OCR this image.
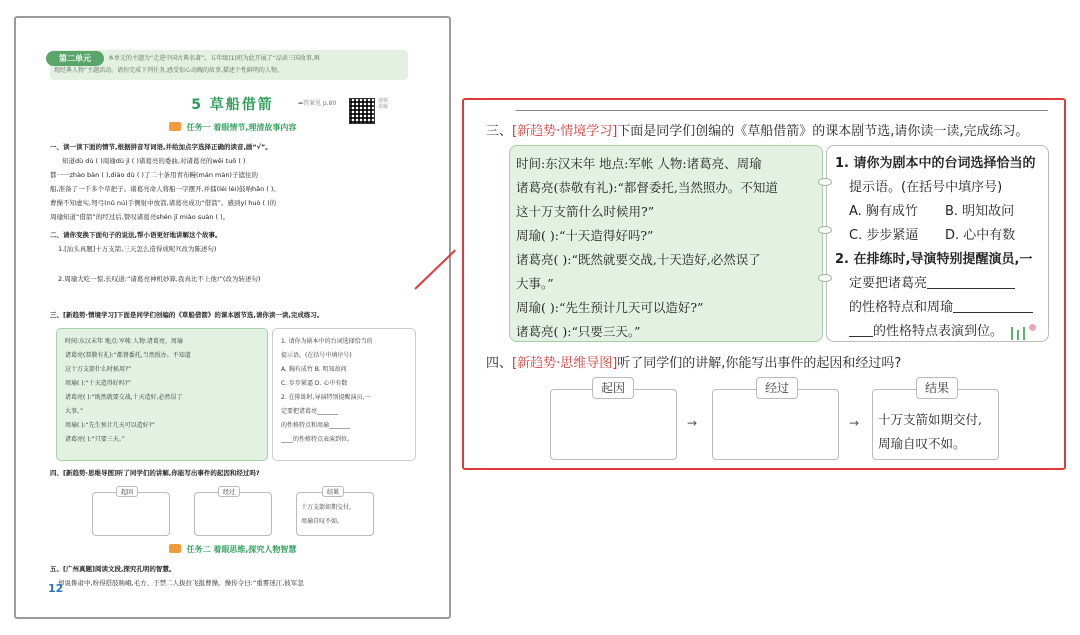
第二单元	本单元的主题为“走进中国古典名著”。五年级(1)班为此开展了“品读三国故事,再
现经典人物”主题活动。请你完成下列任务,感受惊心动魄的故事,描述个性鲜明的人物。
5 草船借箭	➡答案见 p.80	视频讲解
任务一 着眼情节,理清故事内容
一、读一读下面的情节,根据拼音写词语,并给加点字选择正确的读音,画“√”。
知道dù dù ( )周瑜dù jì ( )诸葛亮的委曲,对诸葛亮的wěi tuō ( )
都一一zhào bàn ( ),diào dù ( )了二十条用青布幔(mán màn)子遮住的
船,准备了一千多个草把子。诸葛亮命人将船一字摆开,并擂(léi lèi)鼓呐hǎn ( )。
曹操不知虚实,弩弓(nǔ nú)手侧射中放箭,诸葛亮成功“借箭”。感到yí huò ( )的
周瑜知道“借箭”的经过后,赞叹诸葛亮shén jī miào suàn ( )。
二、请你变换下面句子的说法,帮小语更好地讲解这个故事。
1.[汕头真题]十万支箭,三天怎么造得成呢?(改为陈述句)
2.周瑜大吃一惊,长叹道:“诸葛亮神机妙算,我真比不上他!”(改为转述句)
三、[新趋势·情境学习]下面是同学们创编的《草船借箭》的课本剧节选,请你读一读,完成练习。
时间:东汉末年 地点:军帐 人物:诸葛亮、周瑜
诸葛亮(恭敬有礼):“都督委托,当然照办。不知道
这十万支箭什么时候用?”
周瑜( ):“十天造得好吗?”
诸葛亮( ):“既然就要交战,十天造好,必然误了
大事。”
周瑜( ):“先生预计几天可以造好?”
诸葛亮( ):“只要三天。”
1. 请你为剧本中的台词选择恰当的
提示语。(在括号中填序号)
A. 胸有成竹 B. 明知故问
C. 步步紧逼 D. 心中有数
2. 在排练时,导演特别提醒演员,一
定要把诸葛亮_______
的性格特点和周瑜_______
____的性格特点表演到位。
四、[新趋势·思维导图]听了同学们的讲解,你能写出事件的起因和经过吗?
起因	经过
十万支箭如期交付,
周瑜自叹不如。
结果
任务二 着眼思维,探究人物智慧
五、[广州真题]阅读文段,探究孔明的智慧。
却说鲁肃中,吩得搭肢映峨,毛方、于禁二人拔拉飞报曹操。操传令曰:“重雾迷江,彼军忽
12
三、[新趋势·情境学习]下面是同学们创编的《草船借箭》的课本剧节选,请你读一读,完成练习。
时间:东汉末年 地点:军帐 人物:诸葛亮、周瑜
诸葛亮(恭敬有礼):“都督委托,当然照办。不知道
这十万支箭什么时候用?”
周瑜( ):“十天造得好吗?”
诸葛亮( ):“既然就要交战,十天造好,必然误了
大事。”
周瑜( ):“先生预计几天可以造好?”
诸葛亮( ):“只要三天。”
1. 请你为剧本中的台词选择恰当的
提示语。(在括号中填序号)
A. 胸有成竹 B. 明知故问
C. 步步紧逼 D. 心中有数
2. 在排练时,导演特别提醒演员,一
定要把诸葛亮
的性格特点和周瑜
的性格特点表演到位。
四、[新趋势·思维导图]听了同学们的讲解,你能写出事件的起因和经过吗?
起因
→
经过
→
结果
十万支箭如期交付,
周瑜自叹不如。
